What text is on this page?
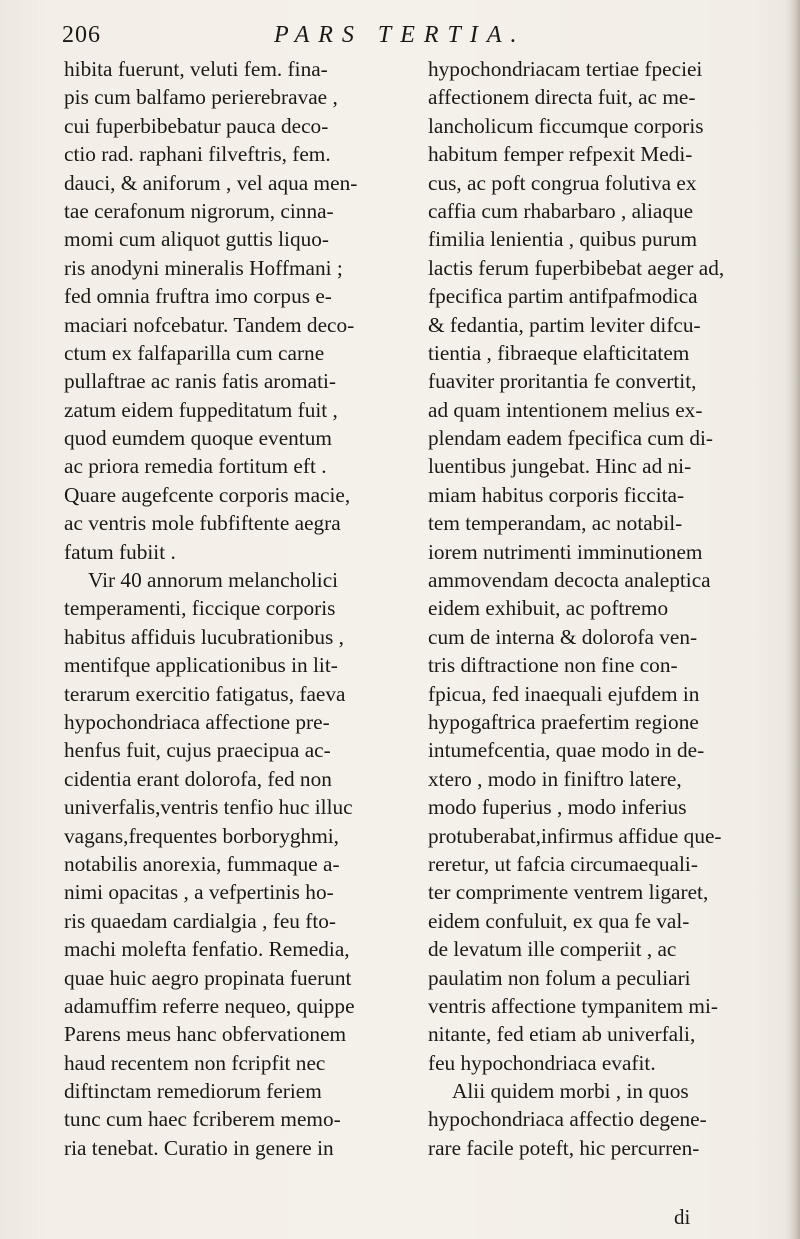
206	PARS TERTIA.
hibita fuerunt, veluti fem. fina-
pis cum balfamo perierebravae ,
cui fuperbibebatur pauca deco-
ctio rad. raphani filveftris, fem.
dauci, & aniforum , vel aqua men-
tae cerafonum nigrorum, cinna-
momi cum aliquot guttis liquo-
ris anodyni mineralis Hoffmani ;
fed omnia fruftra imo corpus e-
maciari nofcebatur. Tandem deco-
ctum ex falfaparilla cum carne
pullaftrae ac ranis fatis aromati-
zatum eidem fuppeditatum fuit ,
quod eumdem quoque eventum
ac priora remedia fortitum eft .
Quare augefcente corporis macie,
ac ventris mole fubfiftente aegra
fatum fubiit .
Vir 40 annorum melancholici
temperamenti, ficcique corporis
habitus affiduis lucubrationibus ,
mentifque applicationibus in lit-
terarum exercitio fatigatus, faeva
hypochondriaca affectione pre-
henfus fuit, cujus praecipua ac-
cidentia erant dolorofa, fed non
univerfalis,ventris tenfio huc illuc
vagans,frequentes borboryghmi,
notabilis anorexia, fummaque a-
nimi opacitas , a vefpertinis ho-
ris quaedam cardialgia , feu fto-
machi molefta fenfatio. Remedia,
quae huic aegro propinata fuerunt
adamuffim referre nequeo, quippe
Parens meus hanc obfervationem
haud recentem non fcripfit nec
diftinctam remediorum feriem
tunc cum haec fcriberem memo-
ria tenebat. Curatio in genere in
hypochondriacam tertiae fpeciei
affectionem directa fuit, ac me-
lancholicum ficcumque corporis
habitum femper refpexit Medi-
cus, ac poft congrua folutiva ex
caffia cum rhabarbaro , aliaque
fimilia lenientia , quibus purum
lactis ferum fuperbibebat aeger ad,
fpecifica partim antifpafmodica
& fedantia, partim leviter difcu-
tientia , fibraeque elafticitatem
fuaviter proritantia fe convertit,
ad quam intentionem melius ex-
plendam eadem fpecifica cum di-
luentibus jungebat. Hinc ad ni-
miam habitus corporis ficcita-
tem temperandam, ac notabil-
iorem nutrimenti imminutionem
ammovendam decocta analeptica
eidem exhibuit, ac poftremo
cum de interna & dolorofa ven-
tris diftractione non fine con-
fpicua, fed inaequali ejufdem in
hypogaftrica praefertim regione
intumefcentia, quae modo in de-
xtero , modo in finiftro latere,
modo fuperius , modo inferius
protuberabat,infirmus affidue que-
reretur, ut fafcia circumaequali-
ter comprimente ventrem ligaret,
eidem confuluit, ex qua fe val-
de levatum ille comperiit , ac
paulatim non folum a peculiari
ventris affectione tympanitem mi-
nitante, fed etiam ab univerfali,
feu hypochondriaca evafit.
Alii quidem morbi , in quos
hypochondriaca affectio degene-
rare facile poteft, hic percurren-
di
